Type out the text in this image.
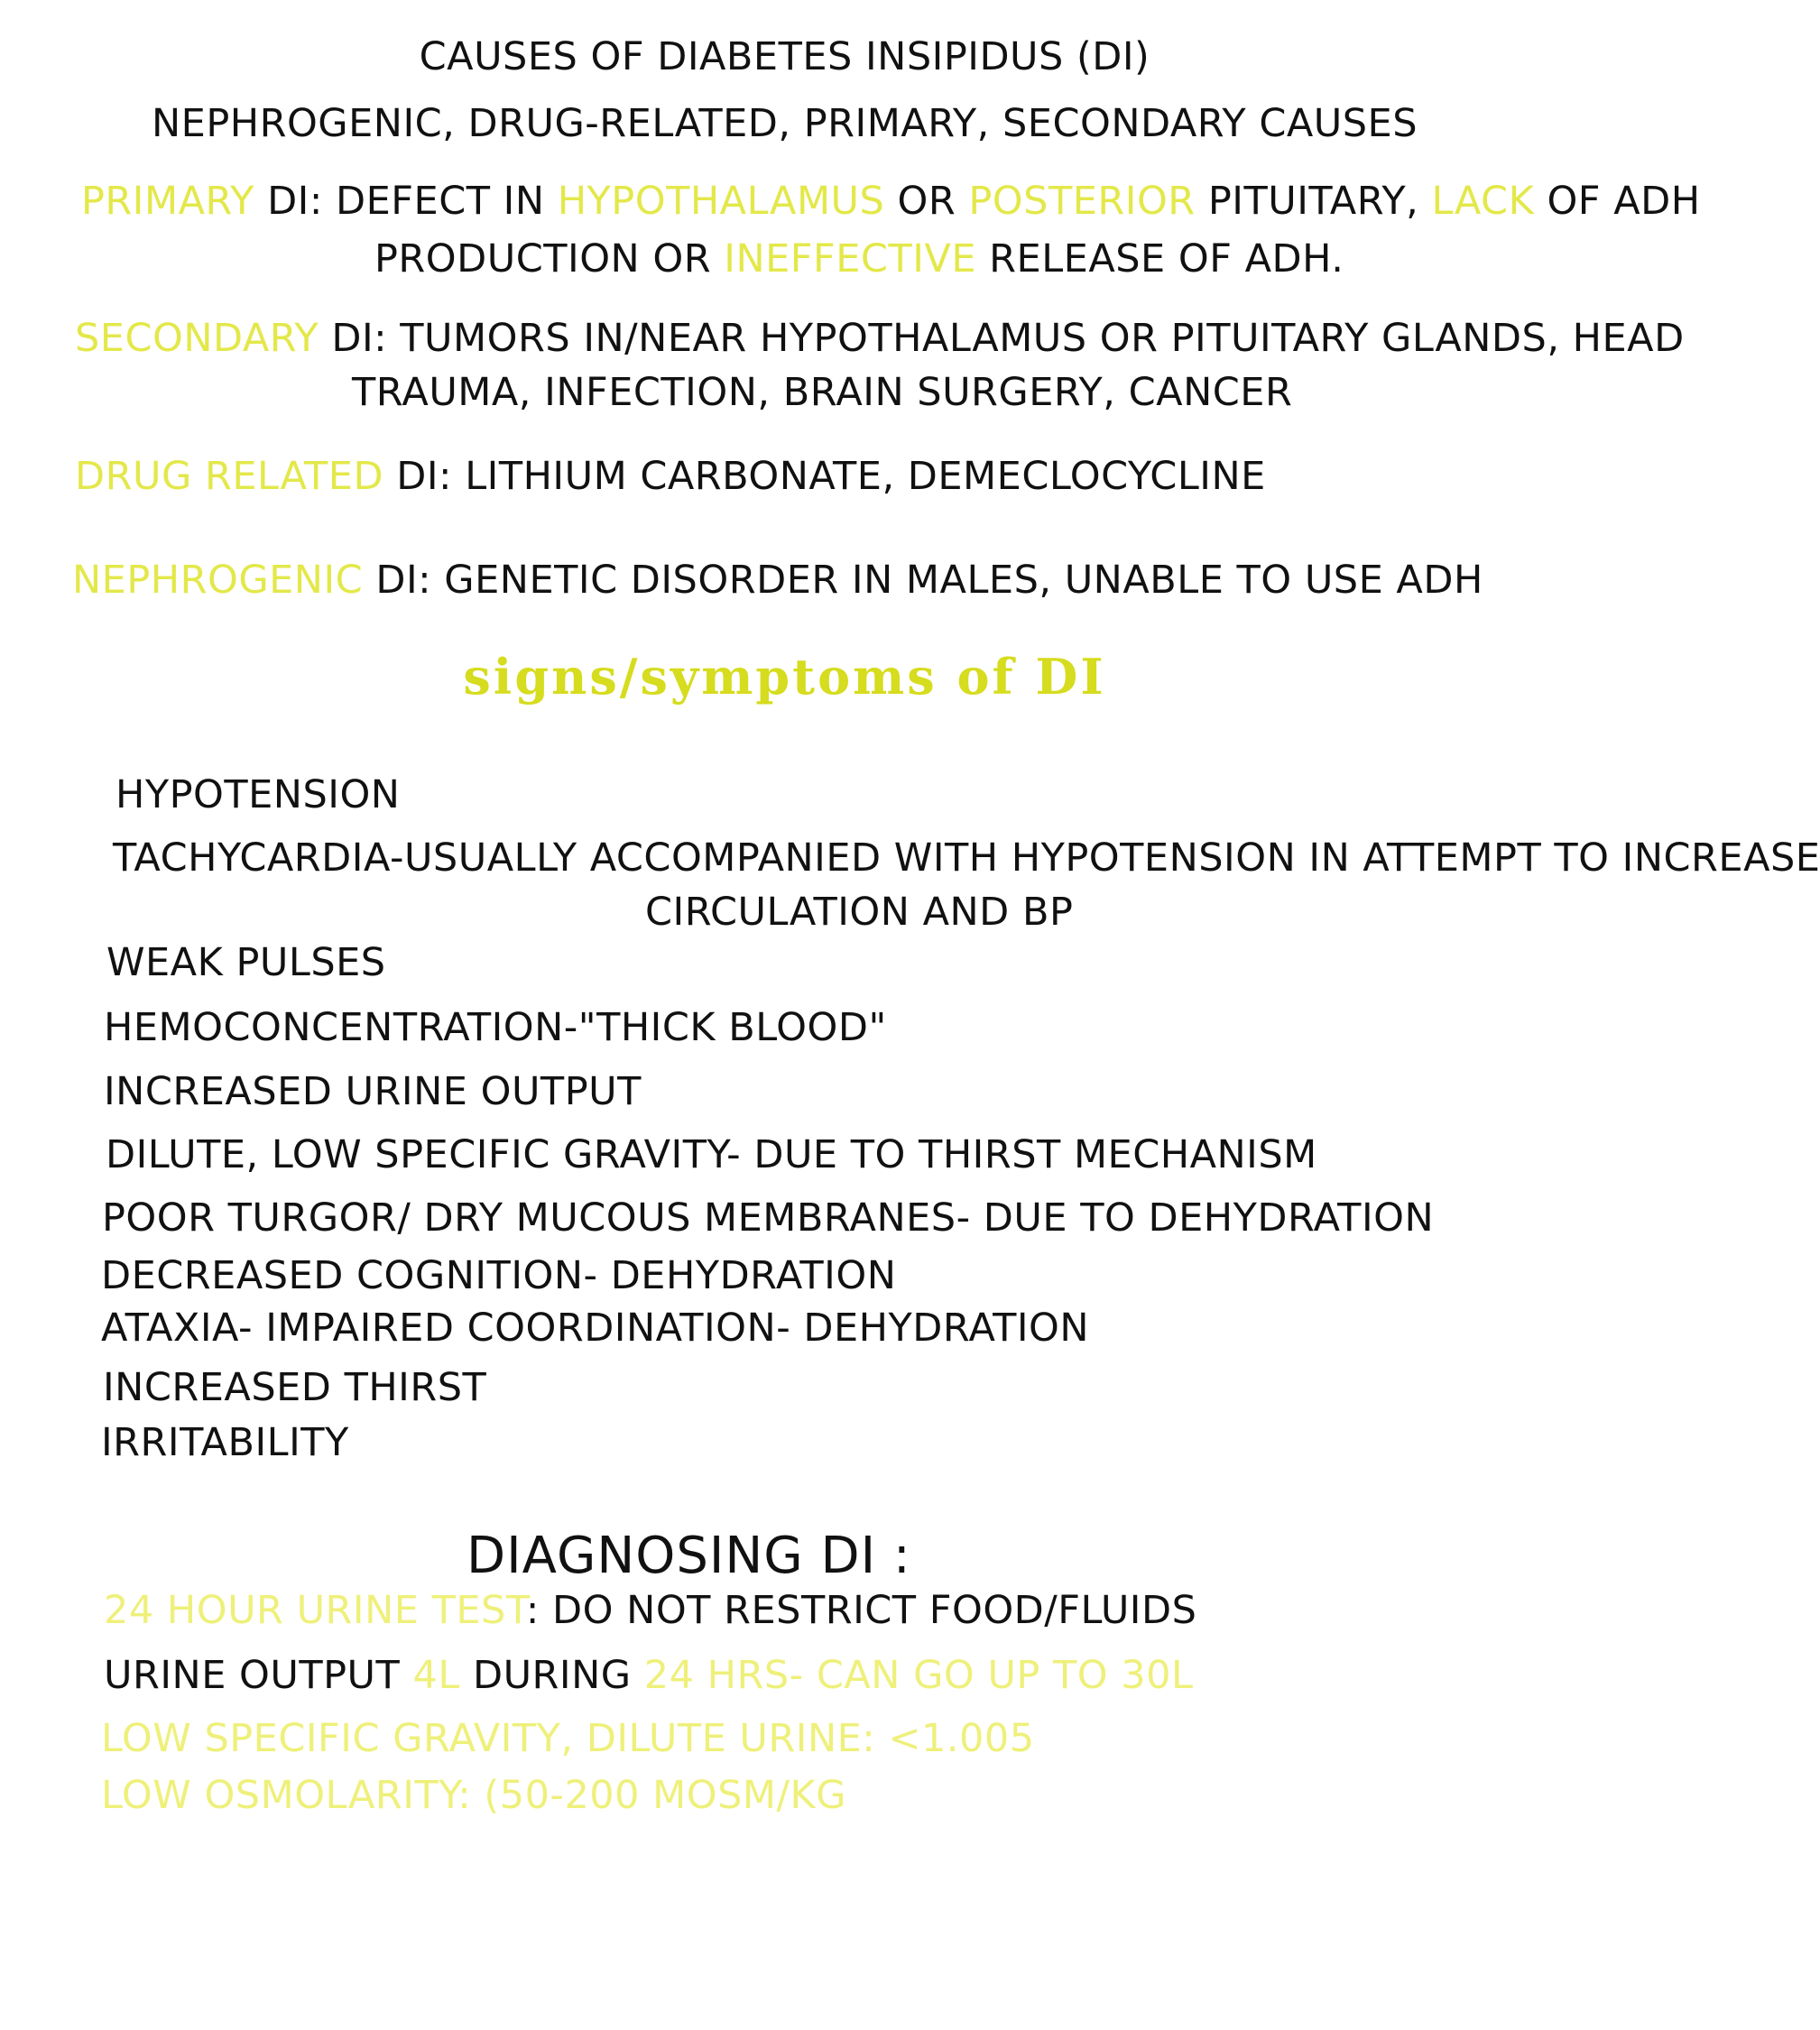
CAUSES OF DIABETES INSIPIDUS (DI)
NEPHROGENIC, DRUG-RELATED, PRIMARY, SECONDARY CAUSES
PRIMARY DI: DEFECT IN HYPOTHALAMUS OR POSTERIOR PITUITARY, LACK OF ADH
PRODUCTION OR INEFFECTIVE RELEASE OF ADH.
SECONDARY DI: TUMORS IN/NEAR HYPOTHALAMUS OR PITUITARY GLANDS, HEAD
TRAUMA, INFECTION, BRAIN SURGERY, CANCER
DRUG RELATED DI: LITHIUM CARBONATE, DEMECLOCYCLINE
NEPHROGENIC DI: GENETIC DISORDER IN MALES, UNABLE TO USE ADH
signs/symptoms of DI
HYPOTENSION
TACHYCARDIA-USUALLY ACCOMPANIED WITH HYPOTENSION IN ATTEMPT TO INCREASE
CIRCULATION AND BP
WEAK PULSES
HEMOCONCENTRATION-"THICK BLOOD"
INCREASED URINE OUTPUT
DILUTE, LOW SPECIFIC GRAVITY- DUE TO THIRST MECHANISM
POOR TURGOR/ DRY MUCOUS MEMBRANES- DUE TO DEHYDRATION
DECREASED COGNITION- DEHYDRATION
ATAXIA- IMPAIRED COORDINATION- DEHYDRATION
INCREASED THIRST
IRRITABILITY
DIAGNOSING DI :
24 HOUR URINE TEST: DO NOT RESTRICT FOOD/FLUIDS
URINE OUTPUT 4L DURING 24 HRS- CAN GO UP TO 30L
LOW SPECIFIC GRAVITY, DILUTE URINE: <1.005
LOW OSMOLARITY: (50-200 MOSM/KG
